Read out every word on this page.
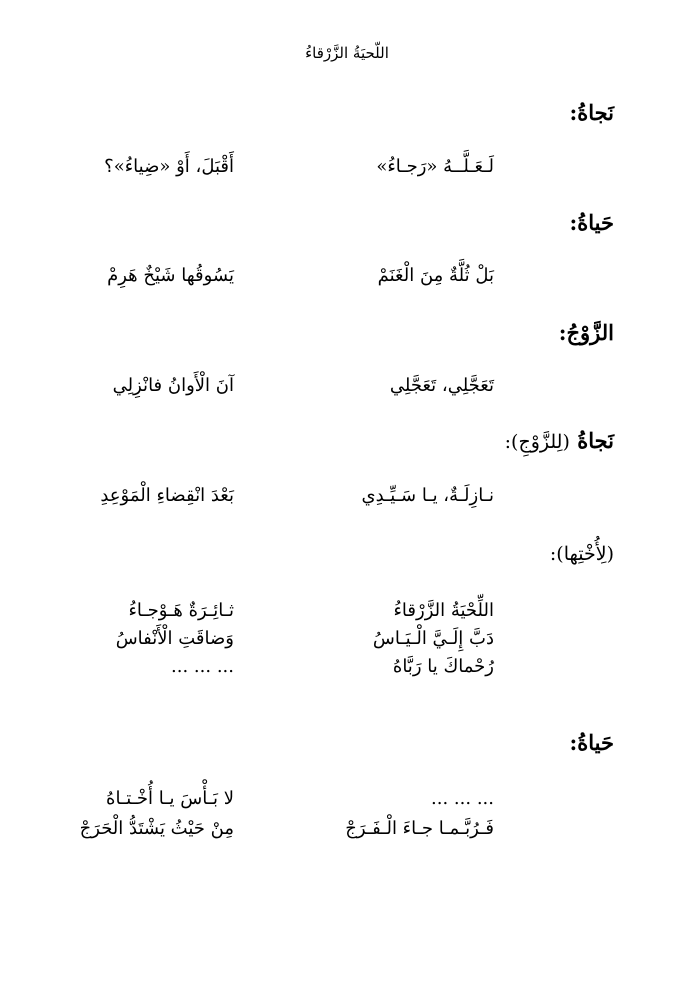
اللّحيَةُ الزَّرْقاءُ
نَجاةُ:
لَـعَـلَّــهُ «رَجـاءُ»
أَقْبَلَ، أَوْ «ضِياءُ»؟
حَياةُ:
بَلْ ثُلَّةٌ مِنَ الْغَنَمْ
يَسُوقُها شَيْخٌ هَرِمْ
الزَّوْجُ:
تَعَجَّلِي، تَعَجَّلِي
آنَ الْأَوانُ فانْزِلِي
نَجاةُ (لِلزَّوْجِ):
نـازِلَـةٌ، يـا سَـيِّـدِي
بَعْدَ انْقِضاءِ الْمَوْعِدِ
(لِأُخْتِها):
اللِّحْيَةُ الزَّرْقاءُ
ثـائِـرَةٌ هَـوْجـاءُ
دَبَّ إِلَـيَّ الْـيَـاسُ
وَضاقَتِ الْأَنْفاسُ
رُحْماكَ يا رَبَّاهُ
... ... ...
حَياةُ:
... ... ...
لا بَـأْسَ يـا أُخْـتـاهُ
فَـرُبَّـمـا جـاءَ الْـفَـرَجْ
مِنْ حَيْثُ يَشْتَدُّ الْحَرَجْ
